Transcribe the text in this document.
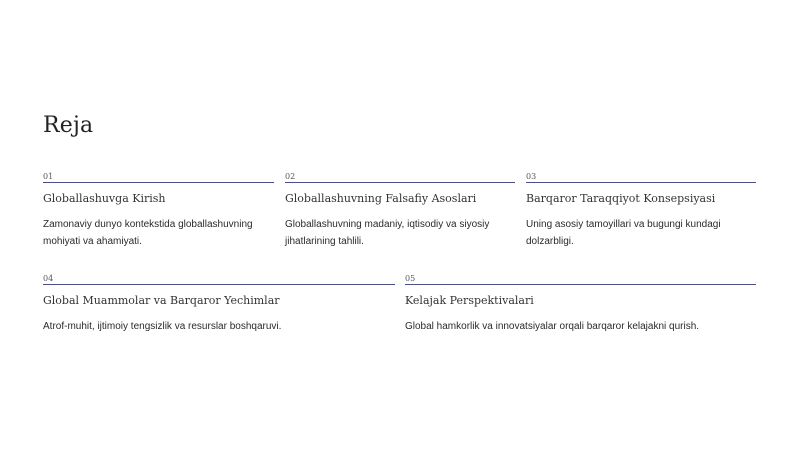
Reja
01
Globallashuvga Kirish
Zamonaviy dunyo kontekstida globallashuvning mohiyati va ahamiyati.
02
Globallashuvning Falsafiy Asoslari
Globallashuvning madaniy, iqtisodiy va siyosiy jihatlarining tahlili.
03
Barqaror Taraqqiyot Konsepsiyasi
Uning asosiy tamoyillari va bugungi kundagi dolzarbligi.
04
Global Muammolar va Barqaror Yechimlar
Atrof-muhit, ijtimoiy tengsizlik va resurslar boshqaruvi.
05
Kelajak Perspektivalari
Global hamkorlik va innovatsiyalar orqali barqaror kelajakni qurish.
